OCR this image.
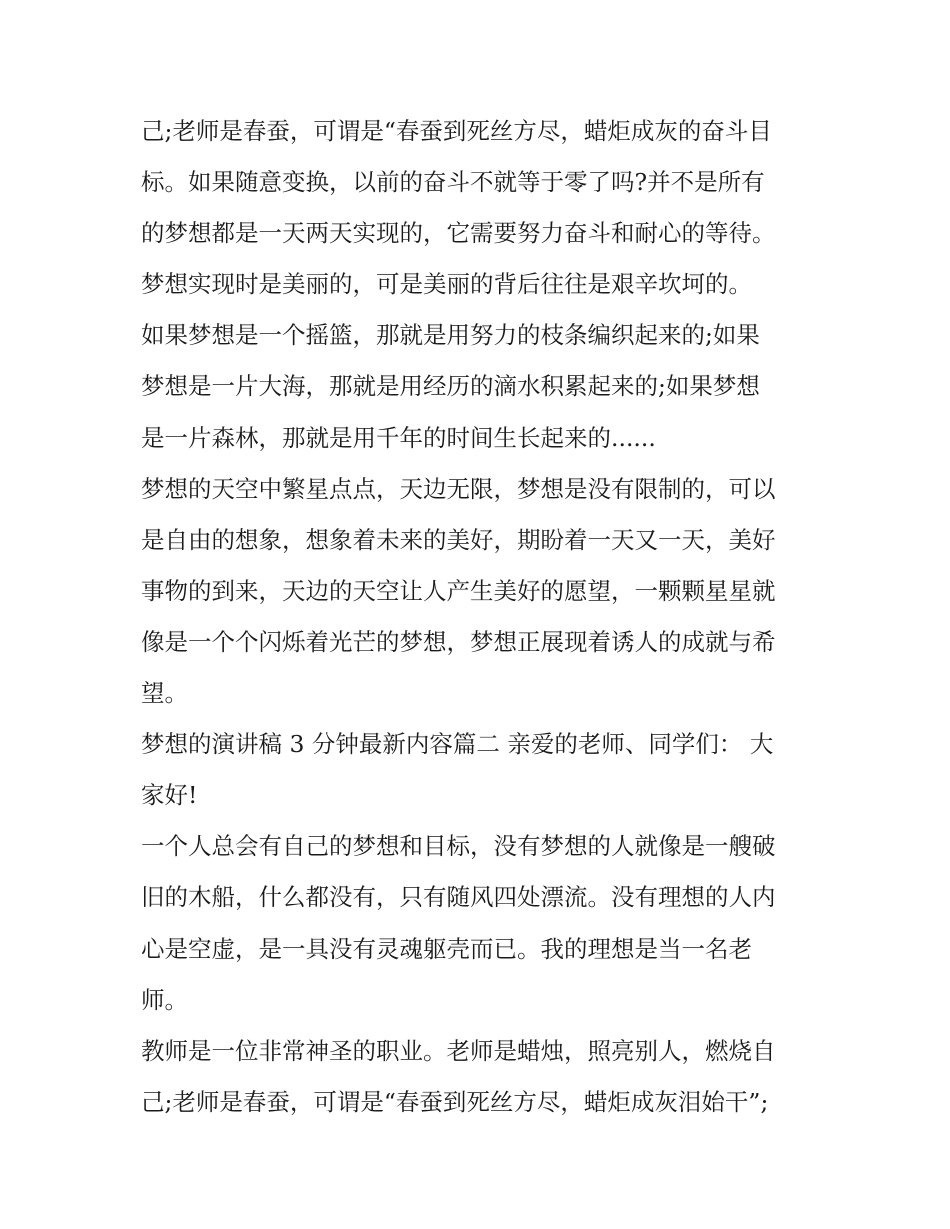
己;老师是春蚕，可谓是“春蚕到死丝方尽，蜡炬成灰的奋斗目
标。如果随意变换，以前的奋斗不就等于零了吗?并不是所有
的梦想都是一天两天实现的，它需要努力奋斗和耐心的等待。
梦想实现时是美丽的，可是美丽的背后往往是艰辛坎坷的。
如果梦想是一个摇篮，那就是用努力的枝条编织起来的;如果
梦想是一片大海，那就是用经历的滴水积累起来的;如果梦想
是一片森林，那就是用千年的时间生长起来的......
梦想的天空中繁星点点，天边无限，梦想是没有限制的，可以
是自由的想象，想象着未来的美好，期盼着一天又一天，美好
事物的到来，天边的天空让人产生美好的愿望，一颗颗星星就
像是一个个闪烁着光芒的梦想，梦想正展现着诱人的成就与希
望。
梦想的演讲稿 3 分钟最新内容篇二 亲爱的老师、同学们： 大
家好!
一个人总会有自己的梦想和目标，没有梦想的人就像是一艘破
旧的木船，什么都没有，只有随风四处漂流。没有理想的人内
心是空虚，是一具没有灵魂躯壳而已。我的理想是当一名老
师。
教师是一位非常神圣的职业。老师是蜡烛，照亮别人，燃烧自
己;老师是春蚕，可谓是“春蚕到死丝方尽，蜡炬成灰泪始干”;
